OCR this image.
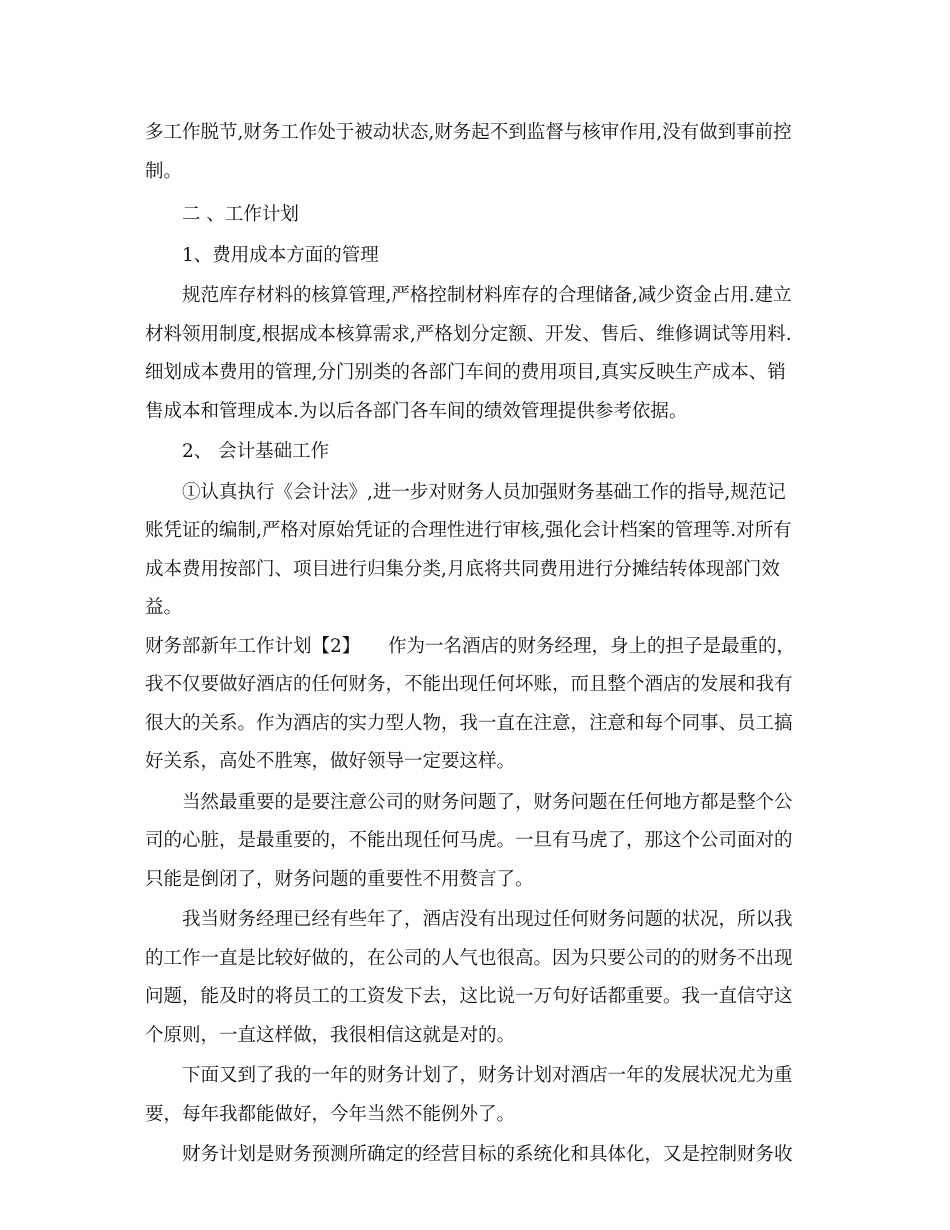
多工作脱节,财务工作处于被动状态,财务起不到监督与核审作用,没有做到事前控
制。
二 、工作计划
1、费用成本方面的管理
规范库存材料的核算管理,严格控制材料库存的合理储备,减少资金占用.建立
材料领用制度,根据成本核算需求,严格划分定额、开发、售后、维修调试等用料.
细划成本费用的管理,分门别类的各部门车间的费用项目,真实反映生产成本、销
售成本和管理成本.为以后各部门各车间的绩效管理提供参考依据。
2、 会计基础工作
①认真执行《会计法》,进一步对财务人员加强财务基础工作的指导,规范记
账凭证的编制,严格对原始凭证的合理性进行审核,强化会计档案的管理等.对所有
成本费用按部门、项目进行归集分类,月底将共同费用进行分摊结转体现部门效
益。
财务部新年工作计划【2】　　作为一名酒店的财务经理，身上的担子是最重的，
我不仅要做好酒店的任何财务，不能出现任何坏账，而且整个酒店的发展和我有
很大的关系。作为酒店的实力型人物，我一直在注意，注意和每个同事、员工搞
好关系，高处不胜寒，做好领导一定要这样。
当然最重要的是要注意公司的财务问题了，财务问题在任何地方都是整个公
司的心脏，是最重要的，不能出现任何马虎。一旦有马虎了，那这个公司面对的
只能是倒闭了，财务问题的重要性不用赘言了。
我当财务经理已经有些年了，酒店没有出现过任何财务问题的状况，所以我
的工作一直是比较好做的，在公司的人气也很高。因为只要公司的的财务不出现
问题，能及时的将员工的工资发下去，这比说一万句好话都重要。我一直信守这
个原则，一直这样做，我很相信这就是对的。
下面又到了我的一年的财务计划了，财务计划对酒店一年的发展状况尤为重
要，每年我都能做好，今年当然不能例外了。
财务计划是财务预测所确定的经营目标的系统化和具体化，又是控制财务收
